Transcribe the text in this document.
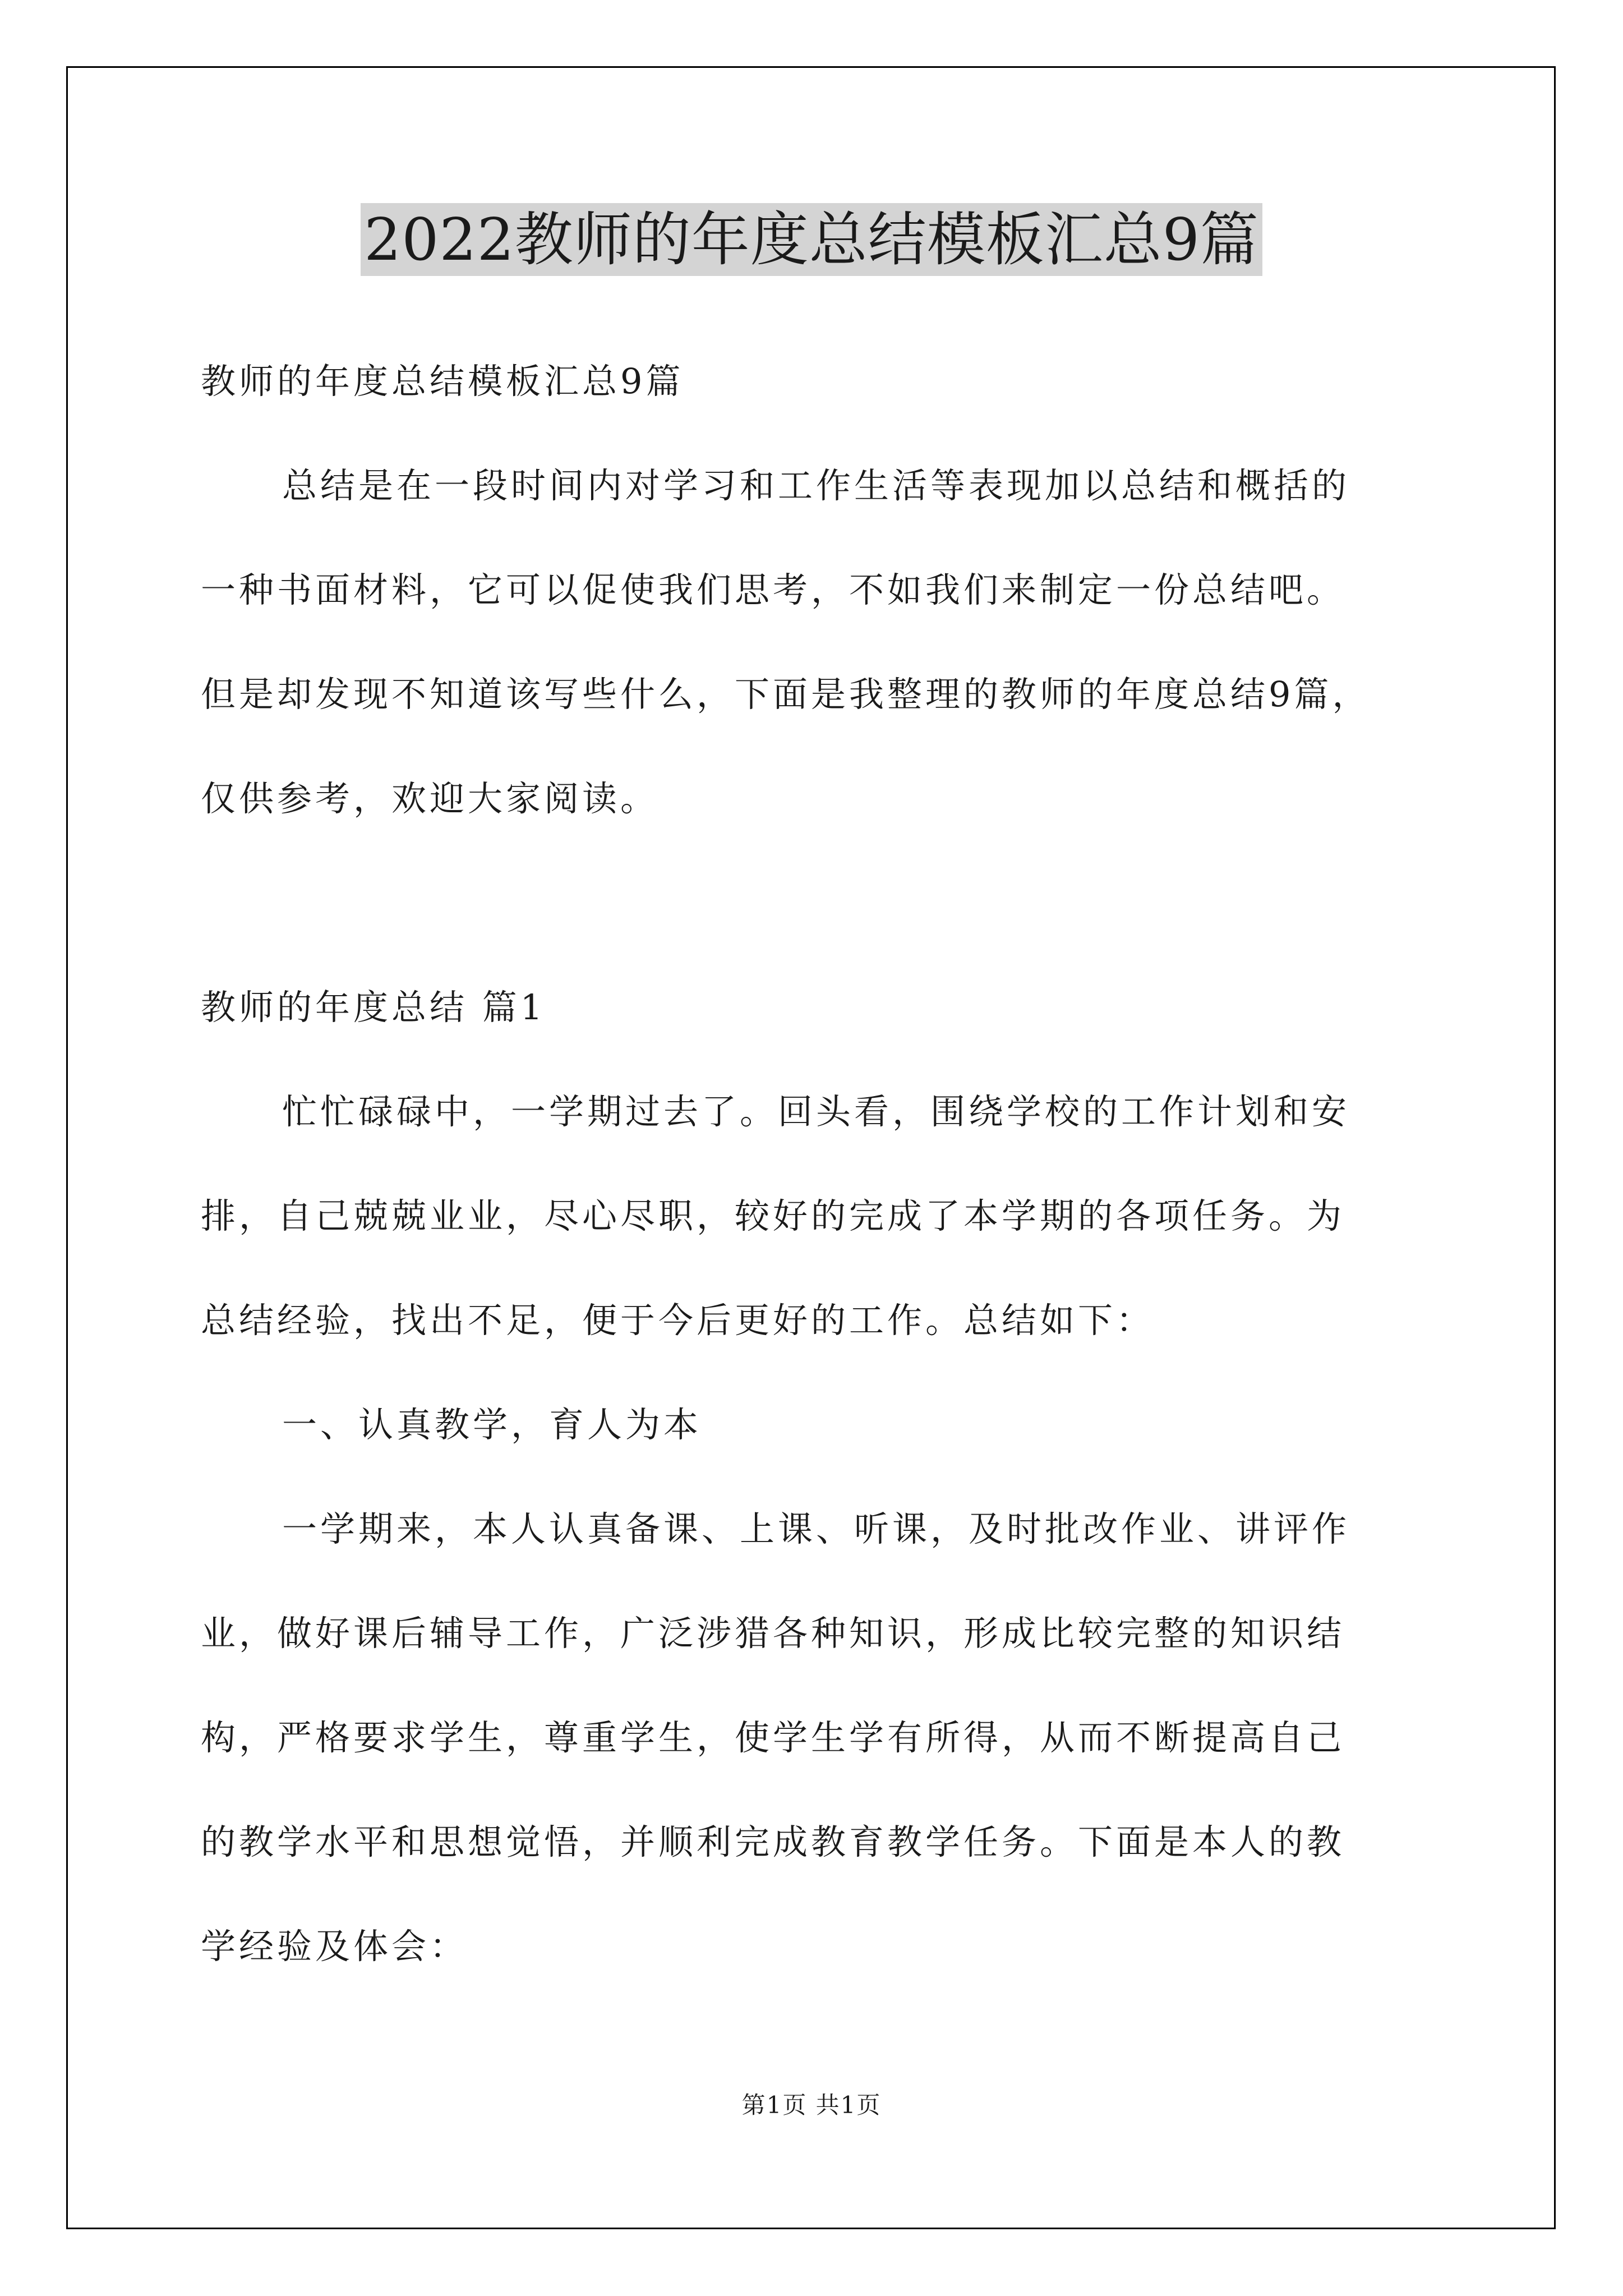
2022教师的年度总结模板汇总9篇
教师的年度总结模板汇总9篇
总结是在一段时间内对学习和工作生活等表现加以总结和概括的
一种书面材料，它可以促使我们思考，不如我们来制定一份总结吧。
但是却发现不知道该写些什么，下面是我整理的教师的年度总结9篇，
仅供参考，欢迎大家阅读。
教师的年度总结 篇1
忙忙碌碌中，一学期过去了。回头看，围绕学校的工作计划和安
排，自己兢兢业业，尽心尽职，较好的完成了本学期的各项任务。为
总结经验，找出不足，便于今后更好的工作。总结如下：
一、认真教学，育人为本
一学期来，本人认真备课、上课、听课，及时批改作业、讲评作
业，做好课后辅导工作，广泛涉猎各种知识，形成比较完整的知识结
构，严格要求学生，尊重学生，使学生学有所得，从而不断提高自己
的教学水平和思想觉悟，并顺利完成教育教学任务。下面是本人的教
学经验及体会：
第1页 共1页
